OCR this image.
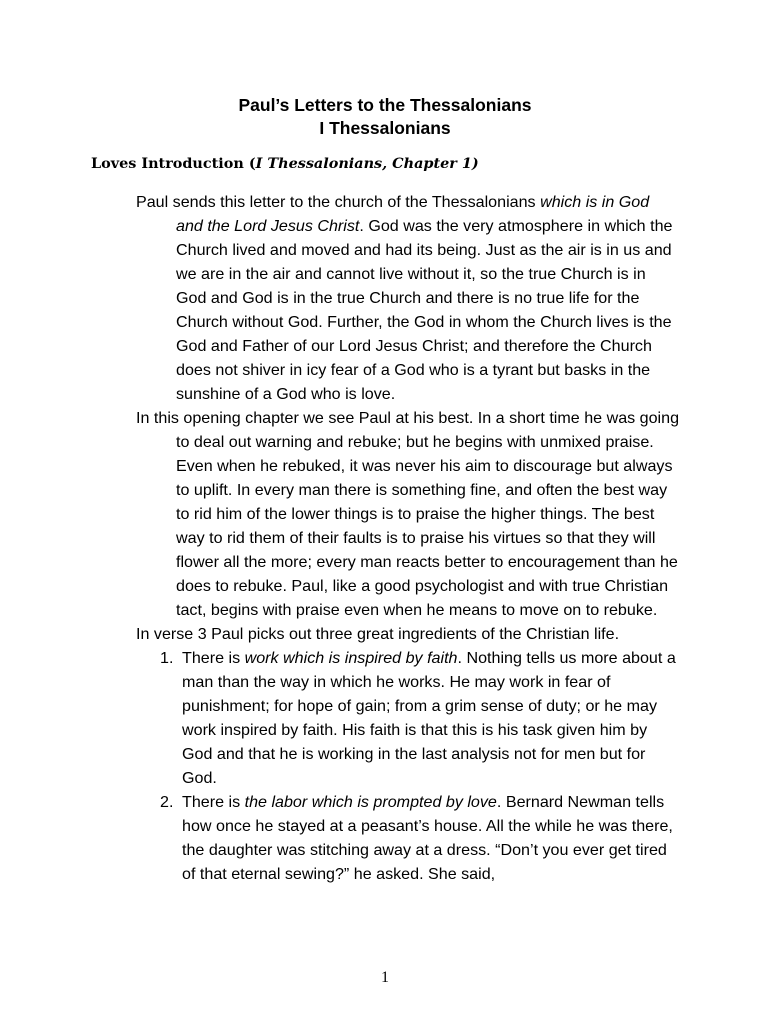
Paul’s Letters to the Thessalonians
I Thessalonians
Loves Introduction (I Thessalonians, Chapter 1)

Paul sends this letter to the church of the Thessalonians which is in God and the Lord Jesus Christ. God was the very atmosphere in which the Church lived and moved and had its being. Just as the air is in us and we are in the air and cannot live without it, so the true Church is in God and God is in the true Church and there is no true life for the Church without God. Further, the God in whom the Church lives is the God and Father of our Lord Jesus Christ; and therefore the Church does not shiver in icy fear of a God who is a tyrant but basks in the sunshine of a God who is love.

In this opening chapter we see Paul at his best. In a short time he was going to deal out warning and rebuke; but he begins with unmixed praise. Even when he rebuked, it was never his aim to discourage but always to uplift. In every man there is something fine, and often the best way to rid him of the lower things is to praise the higher things. The best way to rid them of their faults is to praise his virtues so that they will flower all the more; every man reacts better to encouragement than he does to rebuke. Paul, like a good psychologist and with true Christian tact, begins with praise even when he means to move on to rebuke.

In verse 3 Paul picks out three great ingredients of the Christian life.

1. There is work which is inspired by faith. Nothing tells us more about a man than the way in which he works. He may work in fear of punishment; for hope of gain; from a grim sense of duty; or he may work inspired by faith. His faith is that this is his task given him by God and that he is working in the last analysis not for men but for God.
2. There is the labor which is prompted by love. Bernard Newman tells how once he stayed at a peasant’s house. All the while he was there, the daughter was stitching away at a dress. “Don’t you ever get tired of that eternal sewing?” he asked. She said,
1
